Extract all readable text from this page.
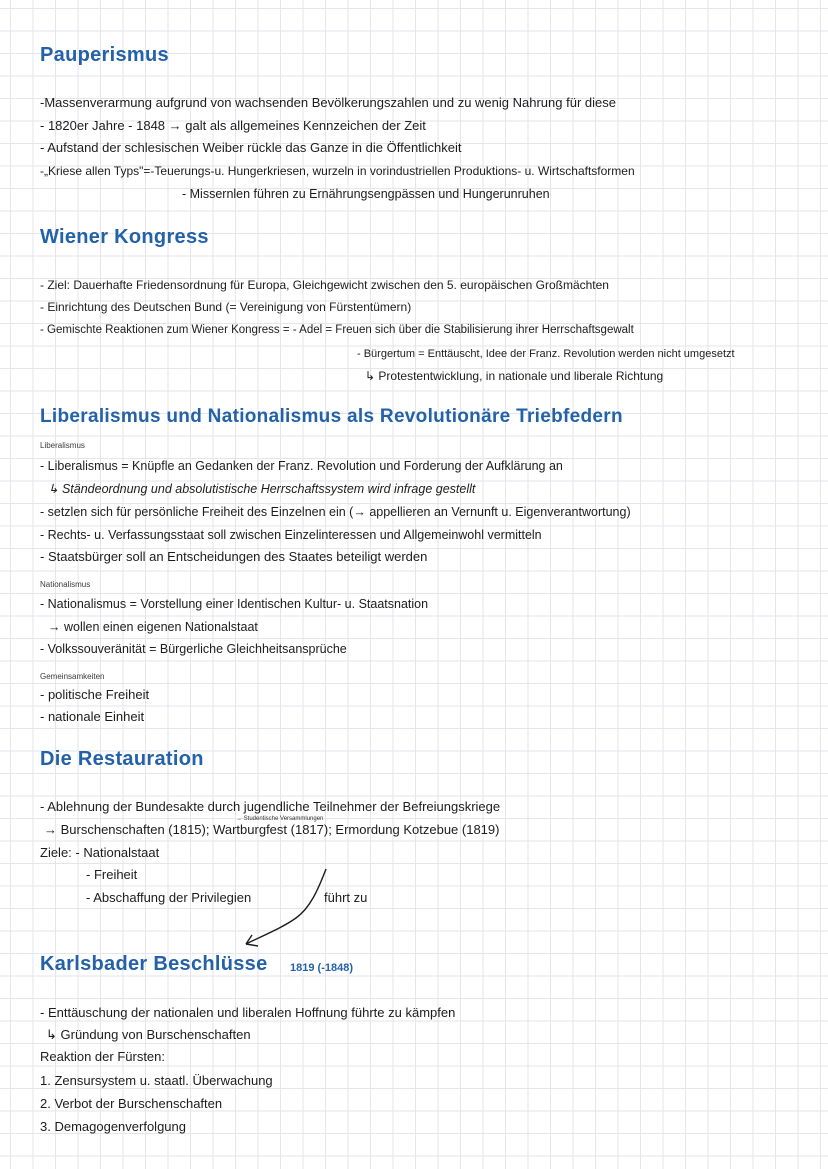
Pauperismus

-Massenverarmung aufgrund von wachsenden Bevölkerungszahlen und zu wenig Nahrung für diese

- 1820er Jahre - 1848 → galt als allgemeines Kennzeichen der Zeit

- Aufstand der schlesischen Weiber rückle das Ganze in die Öffentlichkeit

-„Kriese allen Typs"=-Teuerungs-u. Hungerkriesen, wurzeln in vorindustriellen Produktions- u. Wirtschaftsformen

- Missernlen führen zu Ernährungsengpässen und Hungerunruhen

Wiener Kongress

- Ziel: Dauerhafte Friedensordnung für Europa, Gleichgewicht zwischen den 5. europäischen Großmächten

- Einrichtung des Deutschen Bund (= Vereinigung von Fürstentümern)

- Gemischte Reaktionen zum Wiener Kongress = - Adel = Freuen sich über die Stabilisierung ihrer Herrschaftsgewalt

- Bürgertum = Enttäuscht, Idee der Franz. Revolution werden nicht umgesetzt

↳ Protestentwicklung, in nationale und liberale Richtung

Liberalismus und Nationalismus als Revolutionäre Triebfedern

Liberalismus

- Liberalismus = Knüpfle an Gedanken der Franz. Revolution und Forderung der Aufklärung an

↳ Ständeordnung und absolutistische Herrschaftssystem wird infrage gestellt

- setzlen sich für persönliche Freiheit des Einzelnen ein (→ appellieren an Vernunft u. Eigenverantwortung)

- Rechts- u. Verfassungsstaat soll zwischen Einzelinteressen und Allgemeinwohl vermitteln

- Staatsbürger soll an Entscheidungen des Staates beteiligt werden

Nationalismus

- Nationalismus = Vorstellung einer Identischen Kultur- u. Staatsnation

→ wollen einen eigenen Nationalstaat

- Volkssouveränität = Bürgerliche Gleichheitsansprüche

Gemeinsamkeiten

- politische Freiheit

- nationale Einheit

Die Restauration

- Ablehnung der Bundesakte durch jugendliche Teilnehmer der Befreiungskriege

→ Studentische Versammlungen

→ Burschenschaften (1815); Wartburgfest (1817); Ermordung Kotzebue (1819)

Ziele: - Nationalstaat

- Freiheit

- Abschaffung der Privilegien	führt zu

Karlsbader Beschlüsse 1819 (-1848)

- Enttäuschung der nationalen und liberalen Hoffnung führte zu kämpfen

↳ Gründung von Burschenschaften

Reaktion der Fürsten:

1. Zensursystem u. staatl. Überwachung

2. Verbot der Burschenschaften

3. Demagogenverfolgung
